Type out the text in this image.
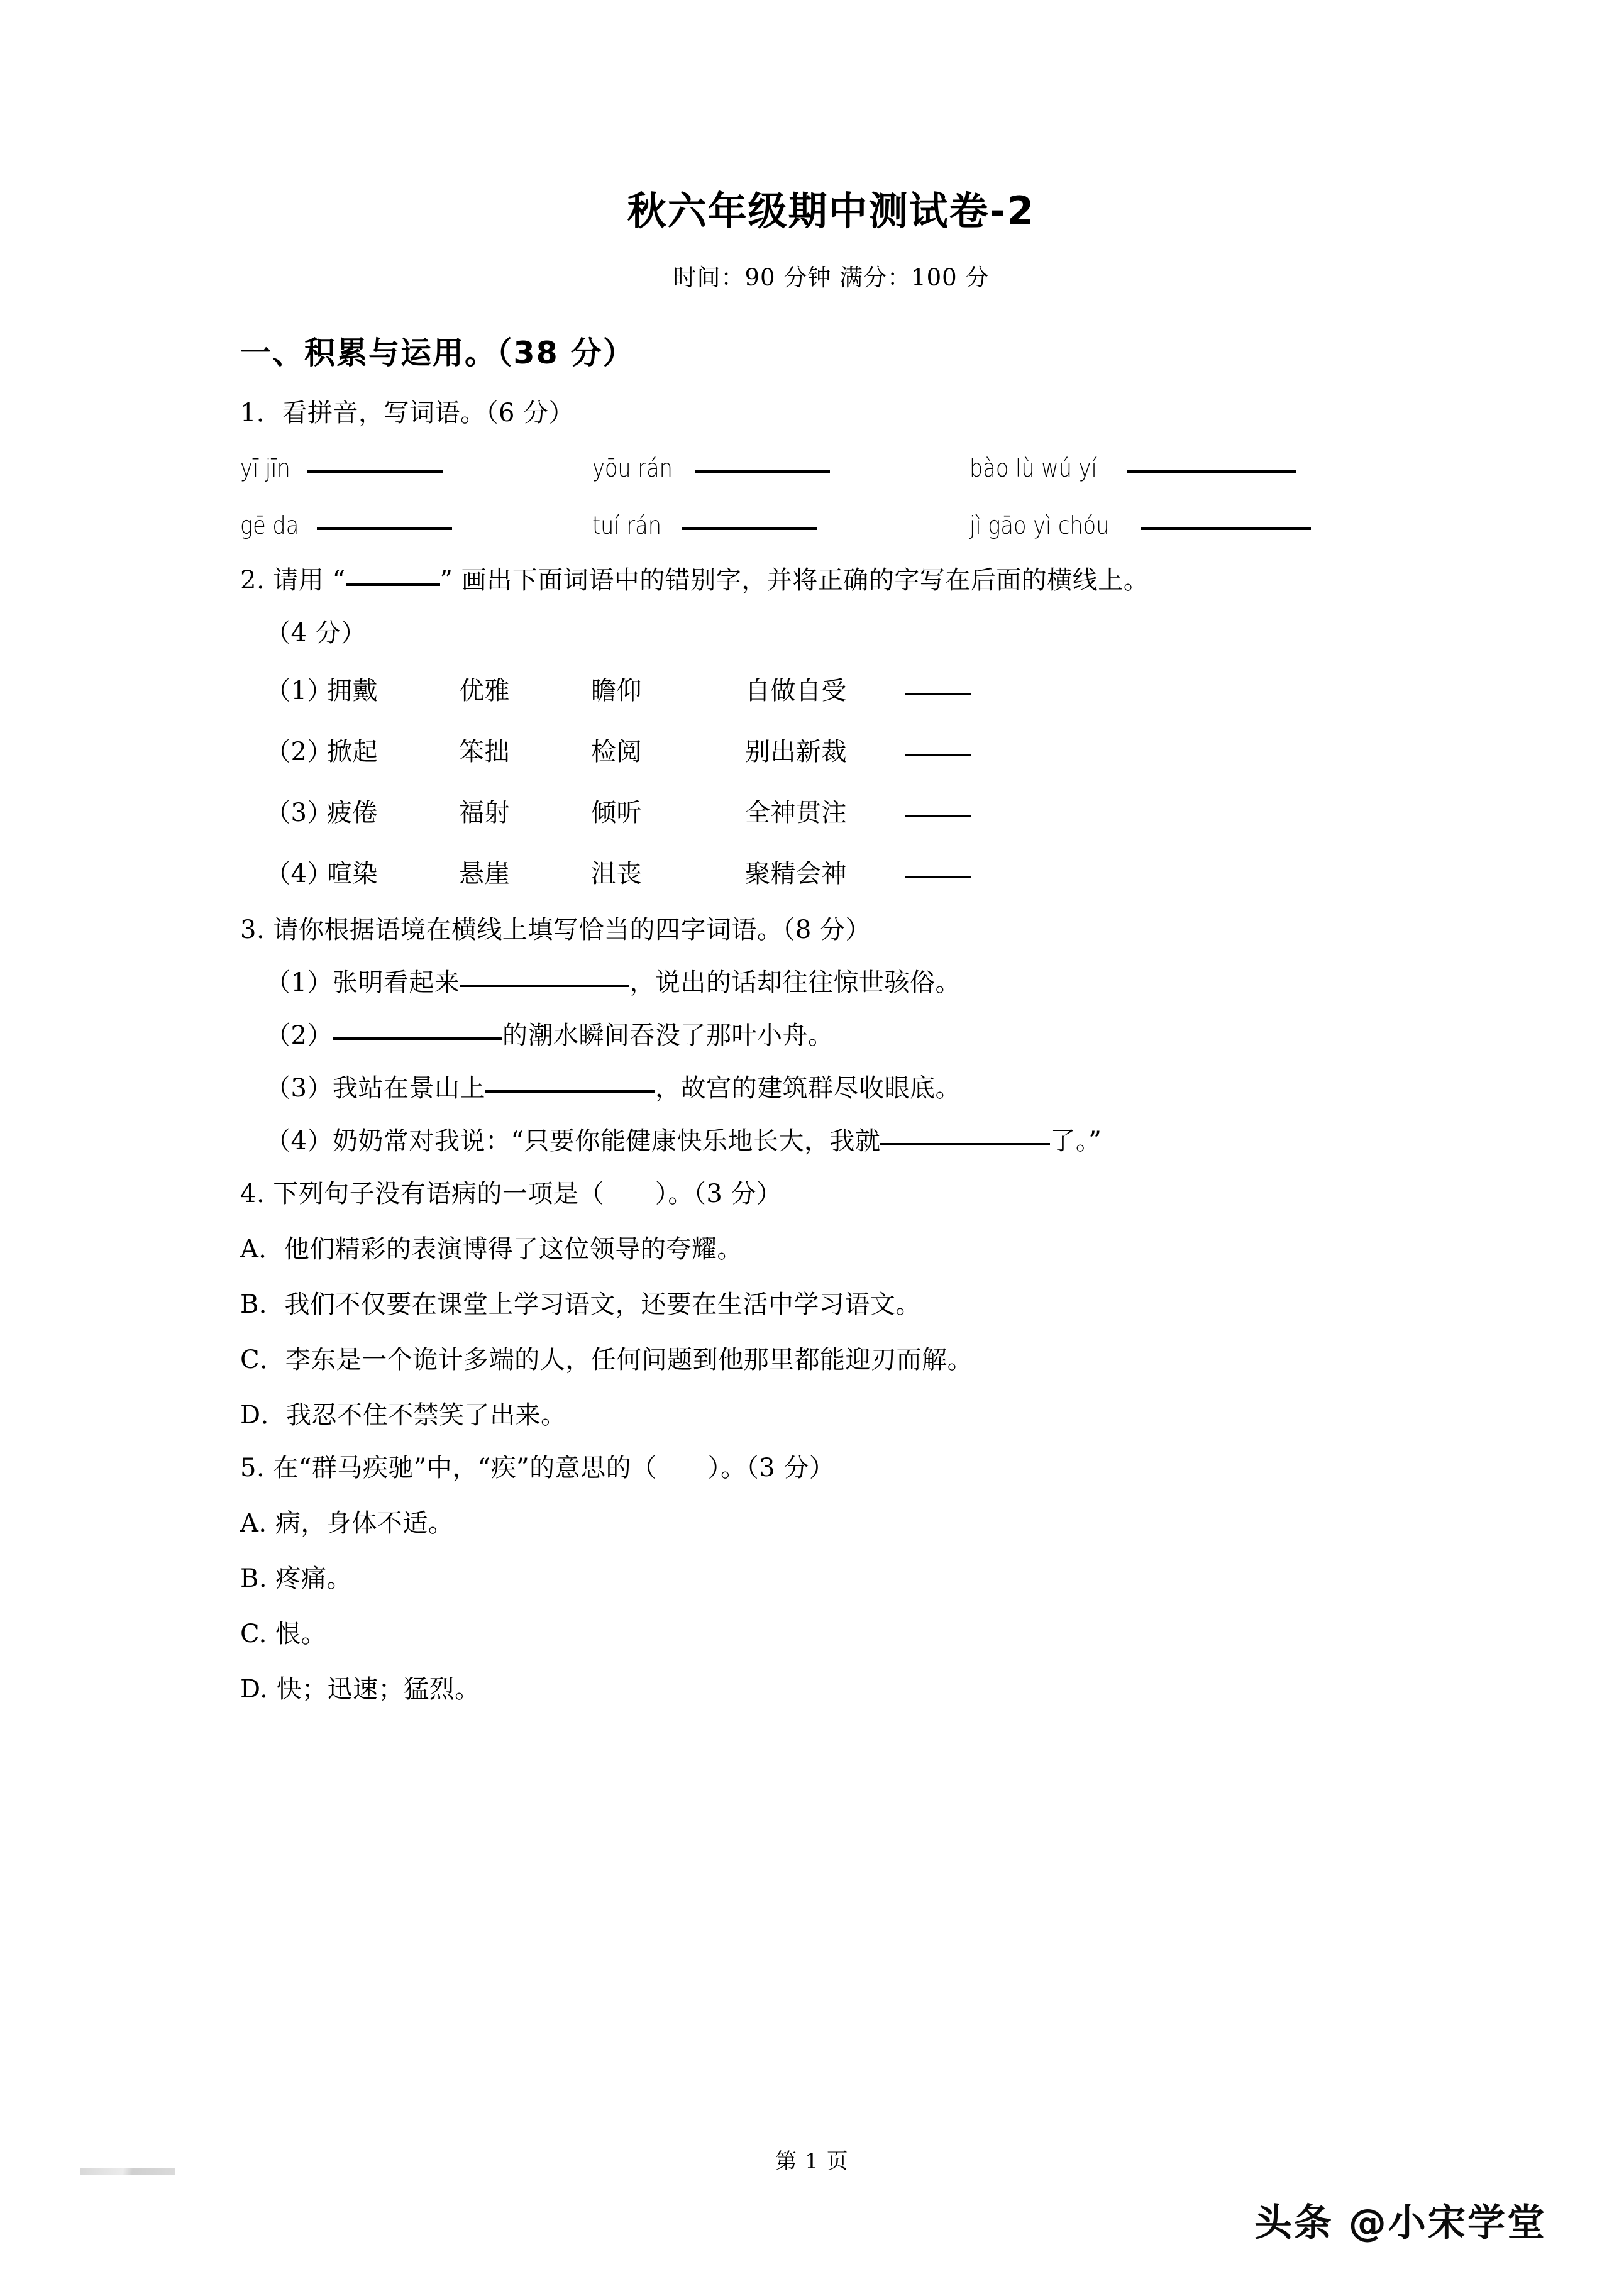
秋六年级期中测试卷-2

时间：90 分钟 满分：100 分

一、积累与运用。（38 分）

1．看拼音，写词语。（6 分）

yī jīn	yōu rán	bào lù wú yí
gē da	tuí rán	jì gāo yì chóu

2. 请用 “	” 画出下面词语中的错别字，并将正确的字写在后面的横线上。

（4 分）

（1）拥戴	优雅	瞻仰	自做自受
（2）掀起	笨拙	检阅	别出新裁
（3）疲倦	福射	倾听	全神贯注
（4）喧染	悬崖	沮丧	聚精会神

3. 请你根据语境在横线上填写恰当的四字词语。（8 分）

（1）张明看起来	，说出的话却往往惊世骇俗。

（2）	的潮水瞬间吞没了那叶小舟。

（3）我站在景山上	，故宫的建筑群尽收眼底。

（4）奶奶常对我说：“只要你能健康快乐地长大，我就	了。”

4. 下列句子没有语病的一项是（　　）。（3 分）

A．他们精彩的表演博得了这位领导的夸耀。

B．我们不仅要在课堂上学习语文，还要在生活中学习语文。

C．李东是一个诡计多端的人，任何问题到他那里都能迎刃而解。

D．我忍不住不禁笑了出来。

5. 在“群马疾驰”中，“疾”的意思的（　　）。（3 分）

A. 病，身体不适。

B. 疼痛。

C. 恨。

D. 快；迅速；猛烈。

第 1 页
头条 @小宋学堂
